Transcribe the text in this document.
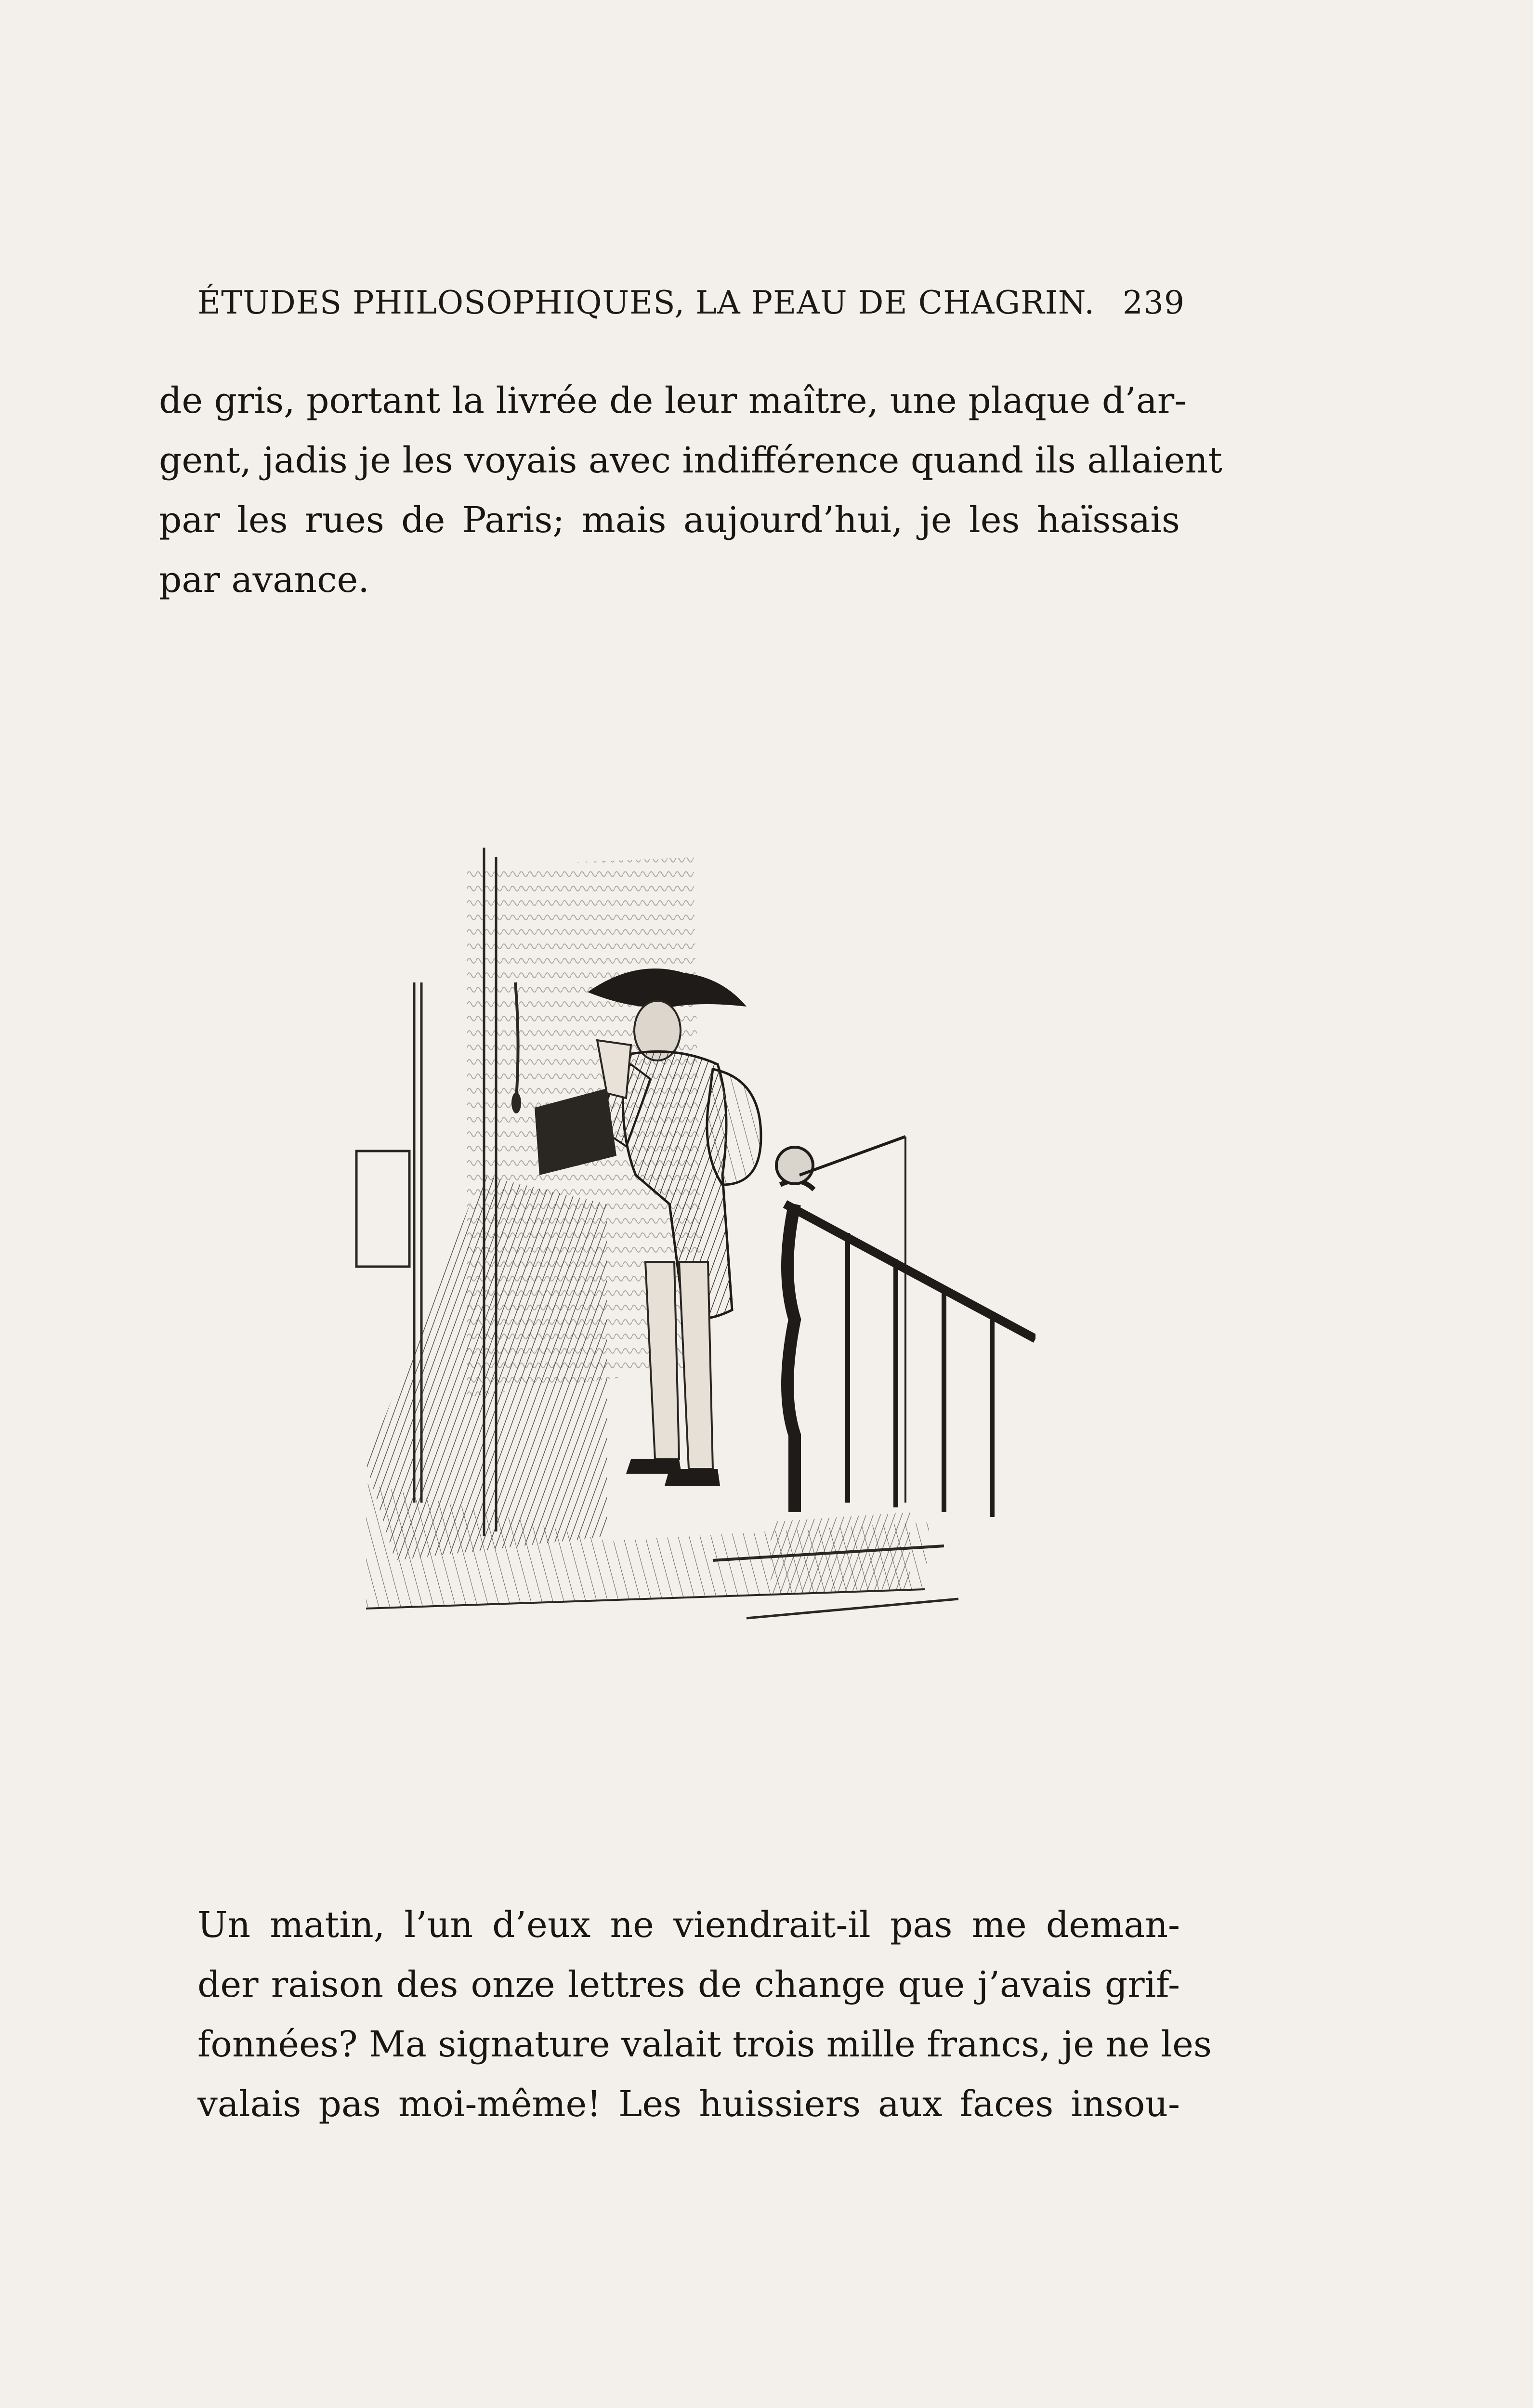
ÉTUDES PHILOSOPHIQUES, LA PEAU DE CHAGRIN. 239
de gris, portant la livrée de leur maître, une plaque d’ar-
gent, jadis je les voyais avec indifférence quand ils allaient
par les rues de Paris; mais aujourd’hui, je les haïssais
par avance.
Un matin, l’un d’eux ne viendrait-il pas me deman-
der raison des onze lettres de change que j’avais grif-
fonnées? Ma signature valait trois mille francs, je ne les
valais pas moi-même! Les huissiers aux faces insou-
